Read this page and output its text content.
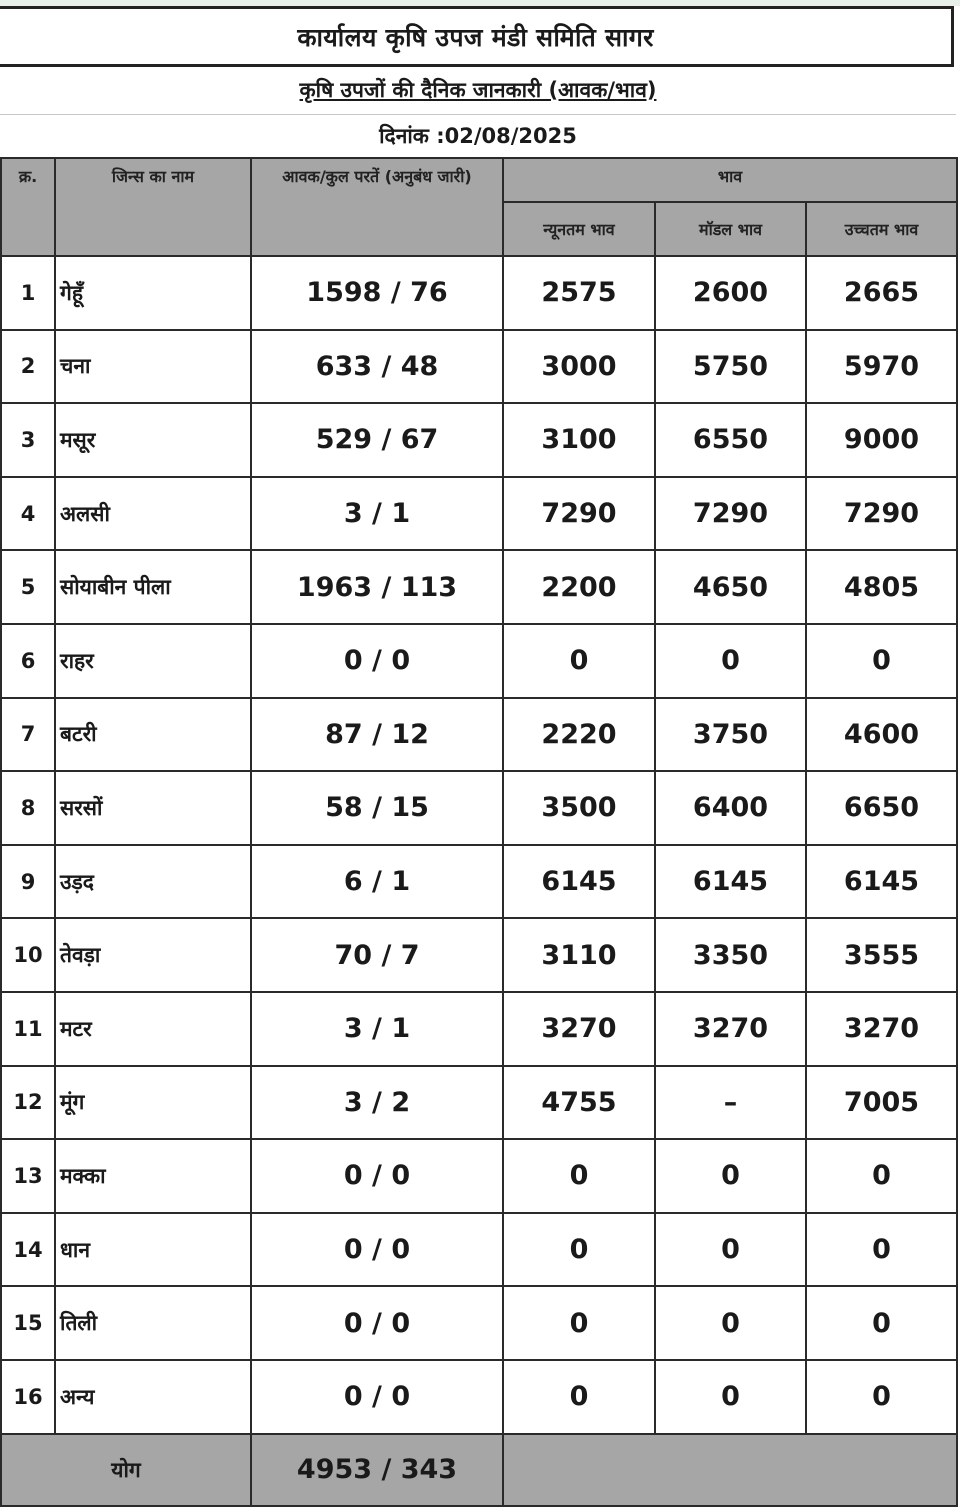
कार्यालय कृषि उपज मंडी समिति सागर
कृषि उपजों की दैनिक जानकारी (आवक/भाव)
दिनांक :02/08/2025
क्र.	जिन्स का नाम	आवक/कुल परतें (अनुबंध जारी)	भाव		
			न्यूनतम भाव	मॉडल भाव	उच्चतम भाव
1	गेहूँ	1598 / 76	2575	2600	2665
2	चना	633 / 48	3000	5750	5970
3	मसूर	529 / 67	3100	6550	9000
4	अलसी	3 / 1	7290	7290	7290
5	सोयाबीन पीला	1963 / 113	2200	4650	4805
6	राहर	0 / 0	0	0	0
7	बटरी	87 / 12	2220	3750	4600
8	सरसों	58 / 15	3500	6400	6650
9	उड़द	6 / 1	6145	6145	6145
10	तेवड़ा	70 / 7	3110	3350	3555
11	मटर	3 / 1	3270	3270	3270
12	मूंग	3 / 2	4755	–	7005
13	मक्का	0 / 0	0	0	0
14	धान	0 / 0	0	0	0
15	तिली	0 / 0	0	0	0
16	अन्य	0 / 0	0	0	0
योग		4953 / 343			
